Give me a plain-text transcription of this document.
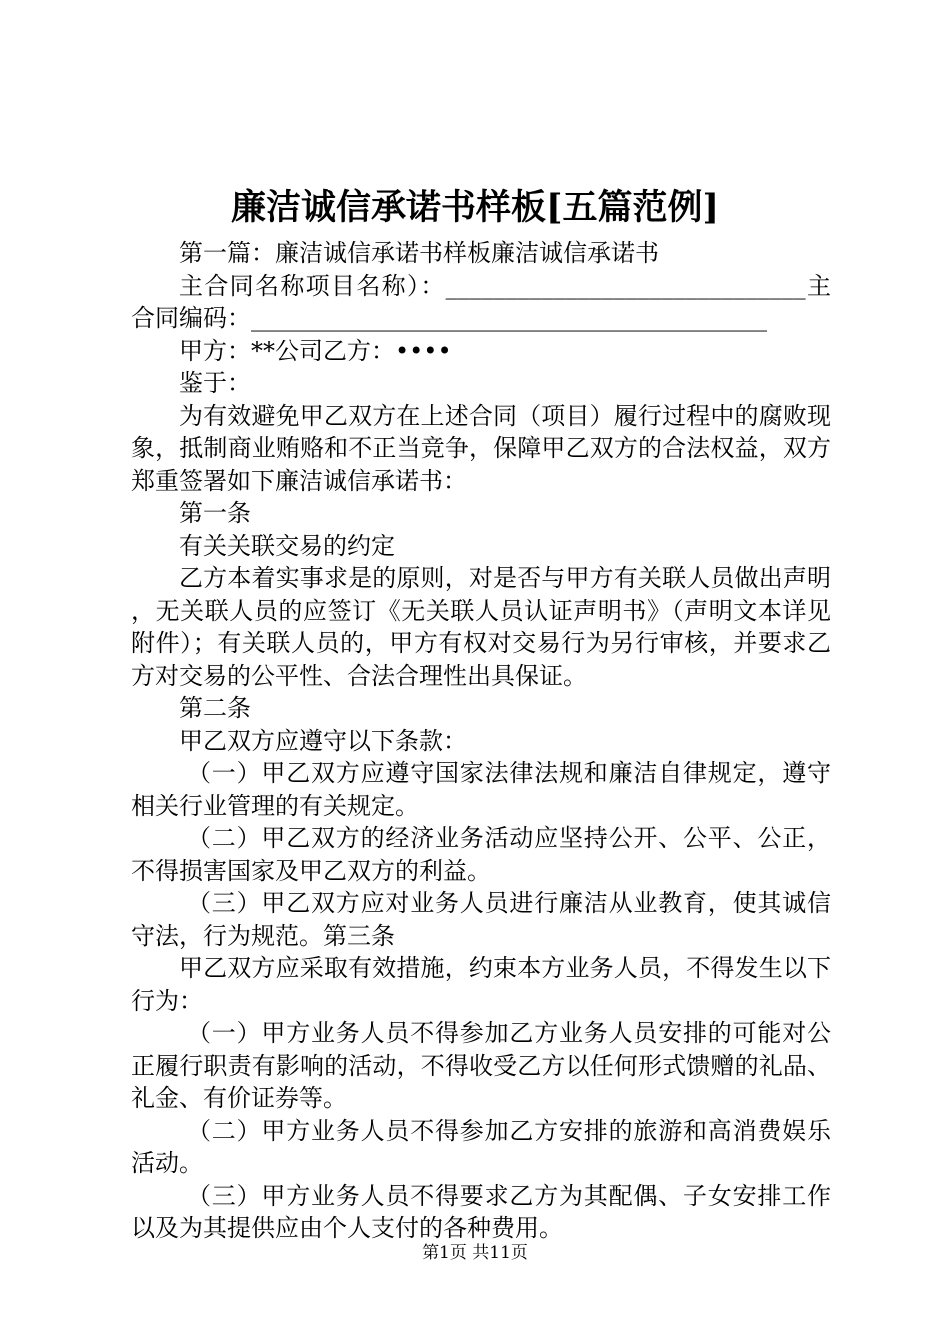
廉洁诚信承诺书样板[五篇范例]

第一篇：廉洁诚信承诺书样板廉洁诚信承诺书

主合同名称项目名称）：______________________________主合同编码：___________________________________________

甲方：**公司乙方：••••

鉴于：

为有效避免甲乙双方在上述合同（项目）履行过程中的腐败现象，抵制商业贿赂和不正当竞争，保障甲乙双方的合法权益，双方郑重签署如下廉洁诚信承诺书：

第一条

有关关联交易的约定

乙方本着实事求是的原则，对是否与甲方有关联人员做出声明，无关联人员的应签订《无关联人员认证声明书》（声明文本详见附件）；有关联人员的，甲方有权对交易行为另行审核，并要求乙方对交易的公平性、合法合理性出具保证。

第二条

甲乙双方应遵守以下条款：

（一）甲乙双方应遵守国家法律法规和廉洁自律规定，遵守相关行业管理的有关规定。

（二）甲乙双方的经济业务活动应坚持公开、公平、公正，不得损害国家及甲乙双方的利益。

（三）甲乙双方应对业务人员进行廉洁从业教育，使其诚信守法，行为规范。第三条

甲乙双方应采取有效措施，约束本方业务人员，不得发生以下行为：

（一）甲方业务人员不得参加乙方业务人员安排的可能对公正履行职责有影响的活动，不得收受乙方以任何形式馈赠的礼品、礼金、有价证券等。

（二）甲方业务人员不得参加乙方安排的旅游和高消费娱乐活动。

（三）甲方业务人员不得要求乙方为其配偶、子女安排工作以及为其提供应由个人支付的各种费用。

第1页 共11页
